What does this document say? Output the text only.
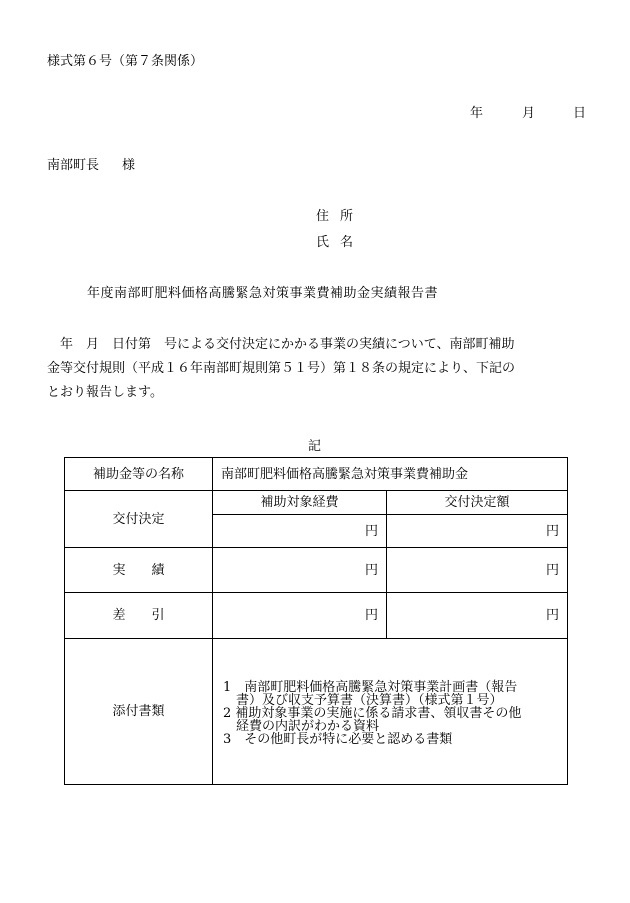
様式第６号（第７条関係）
年	月	日
南部町長 様
住所
氏名
年度南部町肥料価格高騰緊急対策事業費補助金実績報告書
　年　月　日付第　号による交付決定にかかる事業の実績について、南部町補助
金等交付規則（平成１６年南部町規則第５１号）第１８条の規定により、下記の
とおり報告します。
記
補助金等の名称	南部町肥料価格高騰緊急対策事業費補助金	
交付決定	補助対象経費	交付決定額
	円	円
実　　績	円	円
差　　引	円	円
添付書類	1　南部町肥料価格高騰緊急対策事業計画書（報告
書）及び収支予算書（決算書）（様式第１号）
2 補助対象事業の実施に係る請求書、領収書その他
経費の内訳がわかる資料
3　その他町長が特に必要と認める書類	
